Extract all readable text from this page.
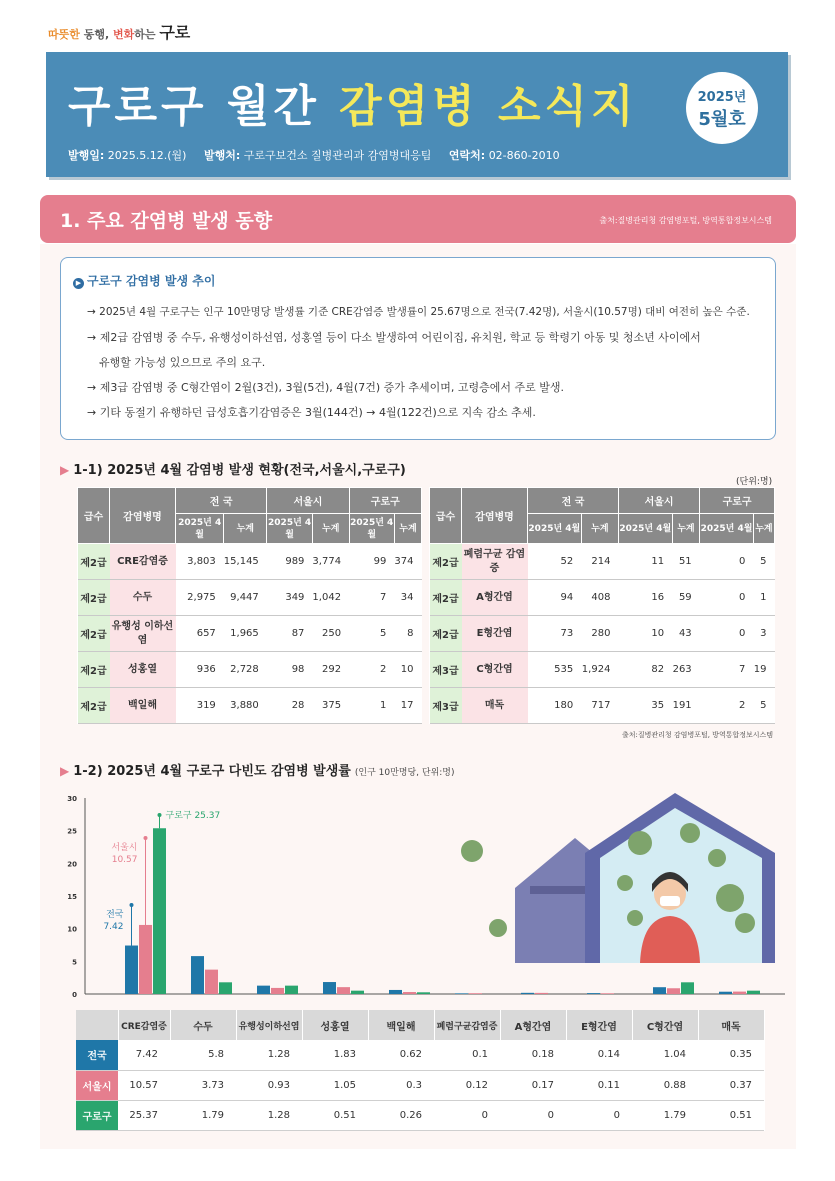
따뜻한 동행, 변화하는 구로
구로구 월간 감염병 소식지
발행일: 2025.5.12.(월) 발행처: 구로구보건소 질병관리과 감염병대응팀 연락처: 02-860-2010
2025년
5월호
1. 주요 감염병 발생 동향	출처:질병관리청 감염병포털, 방역통합정보시스템
▶ 구로구 감염병 발생 추이
→ 2025년 4월 구로구는 인구 10만명당 발생률 기준 CRE감염증 발생률이 25.67명으로 전국(7.42명), 서울시(10.57명) 대비 여전히 높은 수준.
→ 제2급 감염병 중 수두, 유행성이하선염, 성홍열 등이 다소 발생하여 어린이집, 유치원, 학교 등 학령기 아동 및 청소년 사이에서
유행할 가능성 있으므로 주의 요구.
→ 제3급 감염병 중 C형간염이 2월(3건), 3월(5건), 4월(7건) 증가 추세이며, 고령층에서 주로 발생.
→ 기타 동절기 유행하던 급성호흡기감염증은 3월(144건) → 4월(122건)으로 지속 감소 추세.
▶ 1-1) 2025년 4월 감염병 발생 현황(전국,서울시,구로구)
(단위:명)
급수	감염병명	전 국		서울시		구로구	
		2025년 4월	누계	2025년 4월	누계	2025년 4월	누계
제2급	CRE감염증	3,803	15,145	989	3,774	99	374
제2급	수두	2,975	9,447	349	1,042	7	34
제2급	유행성 이하선염	657	1,965	87	250	5	8
제2급	성홍열	936	2,728	98	292	2	10
제2급	백일해	319	3,880	28	375	1	17
급수	감염병명	전 국		서울시		구로구	
		2025년 4월	누계	2025년 4월	누계	2025년 4월	누계
제2급	폐렴구균 감염증	52	214	11	51	0	5
제2급	A형간염	94	408	16	59	0	1
제2급	E형간염	73	280	10	43	0	3
제3급	C형간염	535	1,924	82	263	7	19
제3급	매독	180	717	35	191	2	5
출처:질병관리청 감염병포털, 방역통합정보시스템
▶ 1-2) 2025년 4월 구로구 다빈도 감염병 발생률 (인구 10만명당, 단위:명)
0
5
10
15
20
25
30
전국
7.42
서울시
10.57
구로구 25.37
	CRE감염증	수두	유행성이하선염	성홍열	백일해	폐렴구균감염증	A형간염	E형간염	C형간염	매독
전국	7.42	5.8	1.28	1.83	0.62	0.1	0.18	0.14	1.04	0.35
서울시	10.57	3.73	0.93	1.05	0.3	0.12	0.17	0.11	0.88	0.37
구로구	25.37	1.79	1.28	0.51	0.26	0	0	0	1.79	0.51
